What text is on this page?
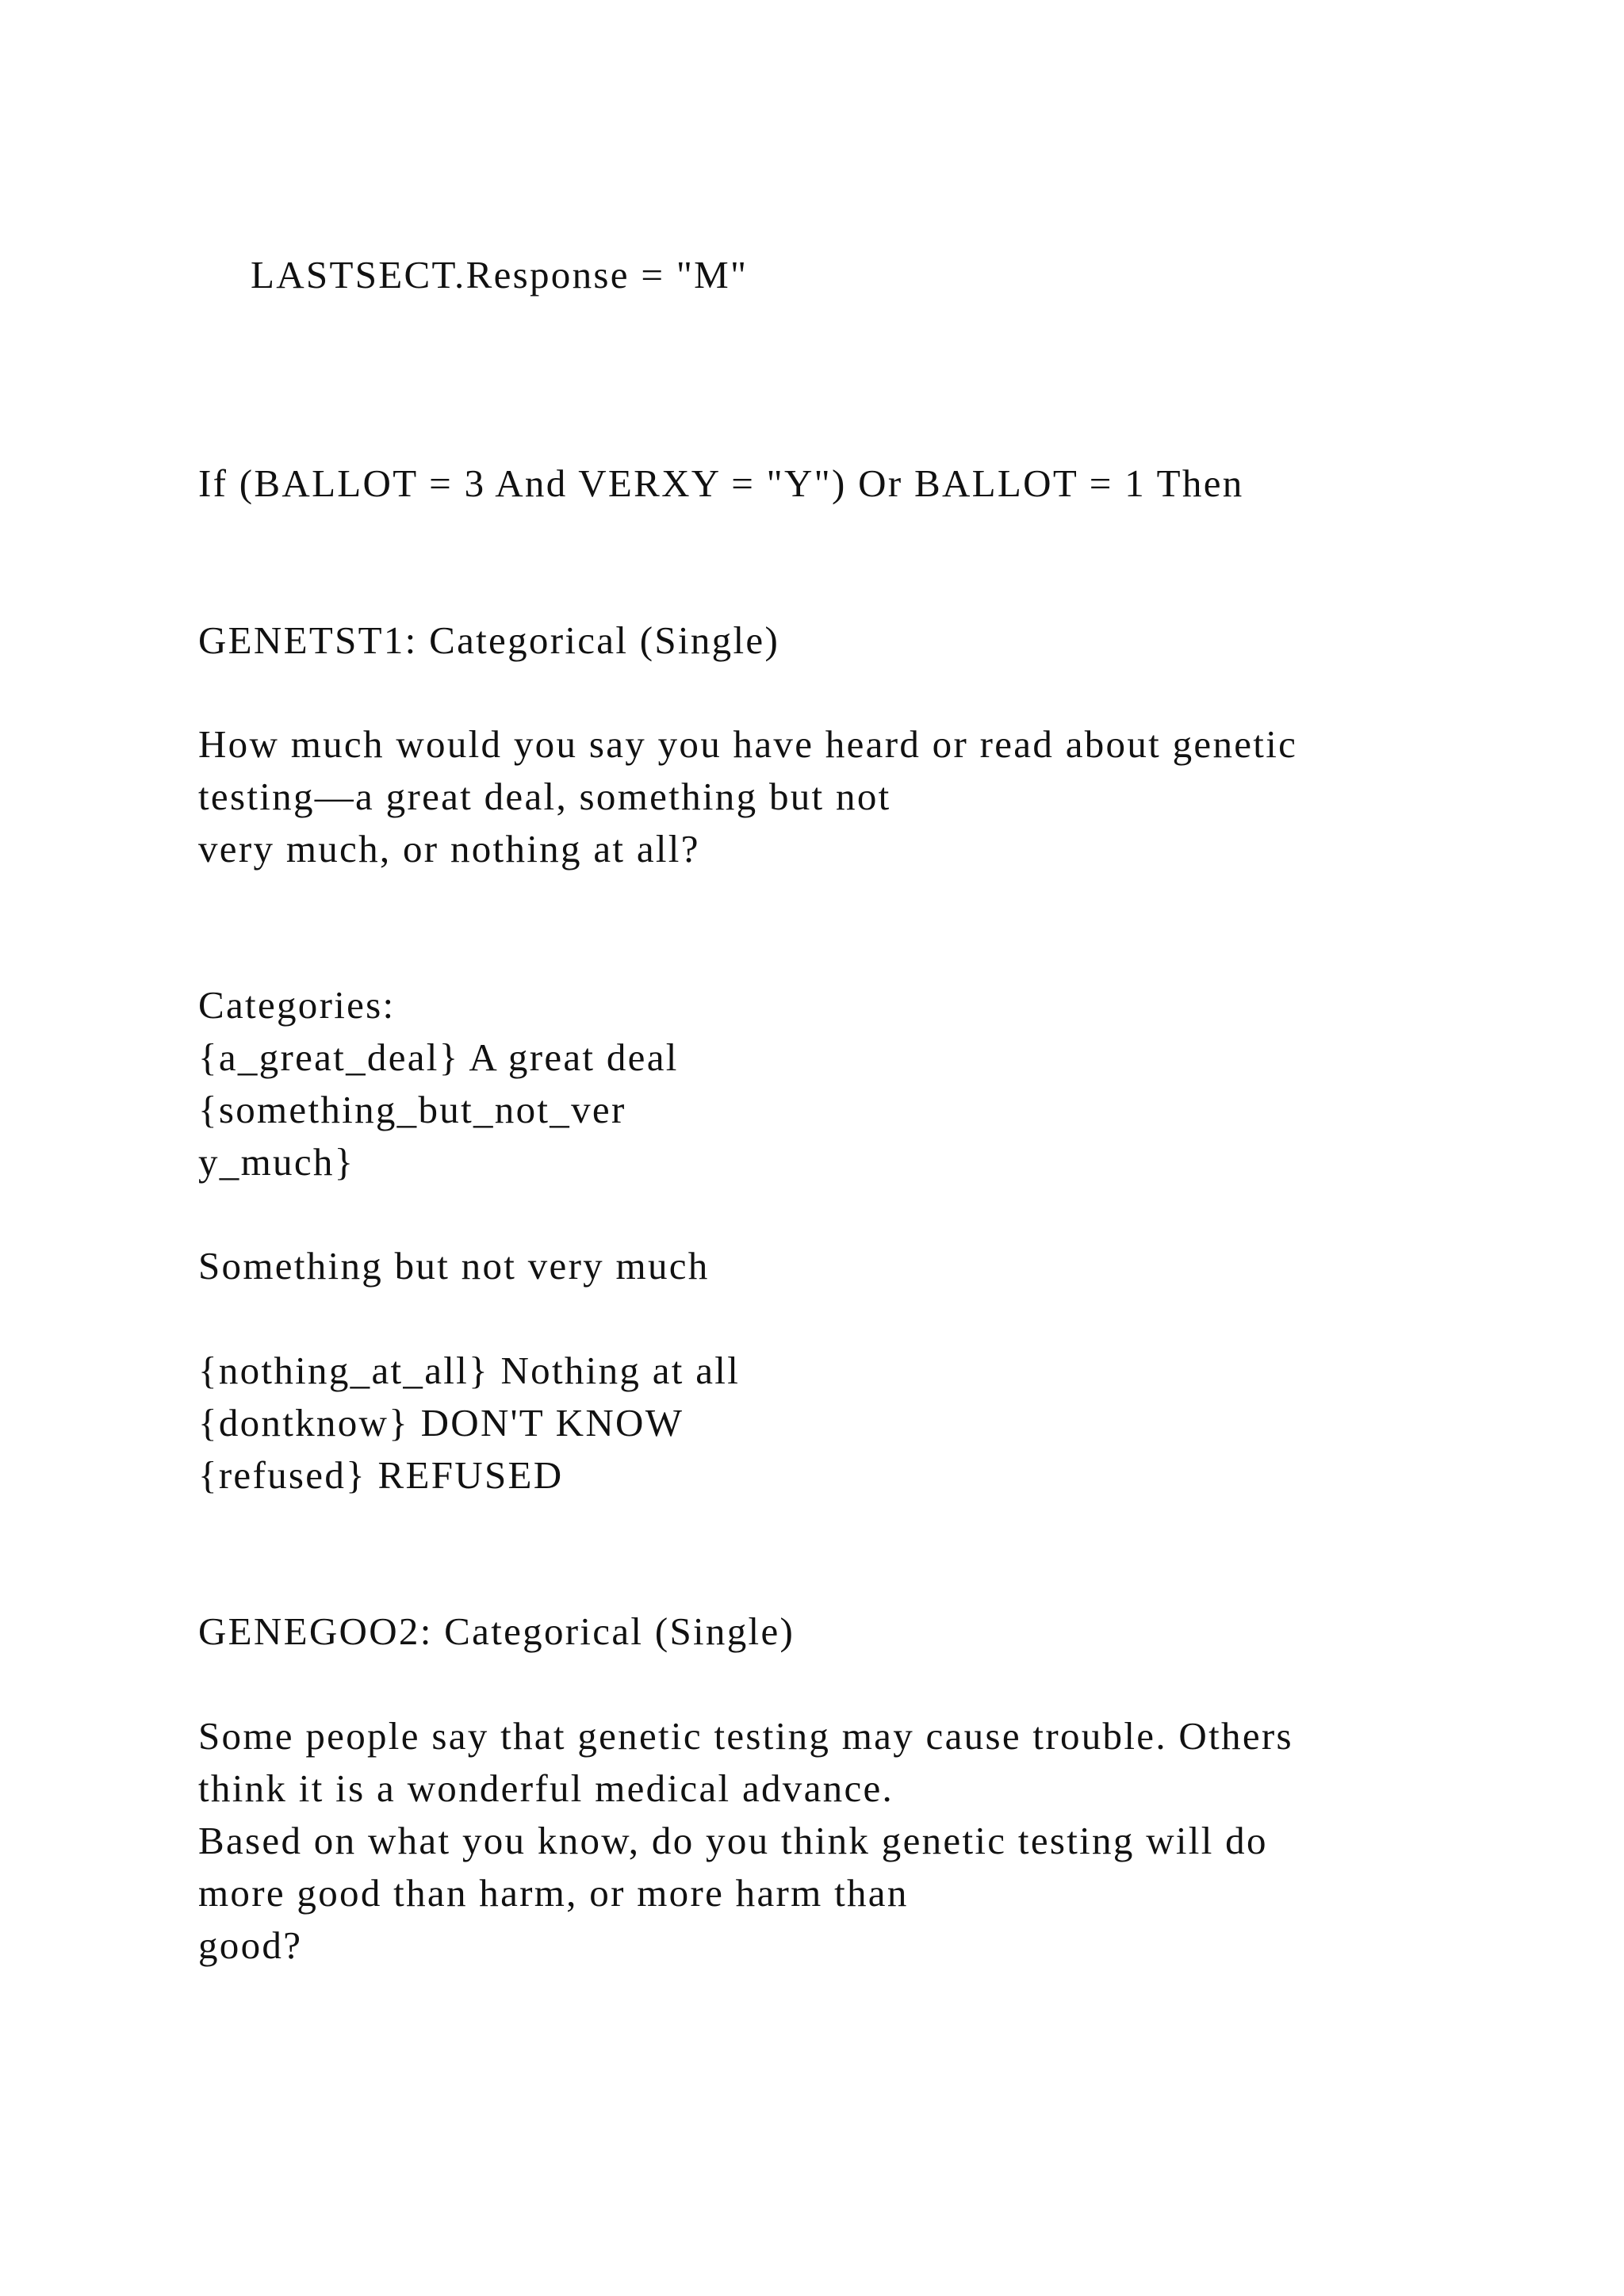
LASTSECT.Response = "M"
If (BALLOT = 3 And VERXY = "Y") Or BALLOT = 1 Then
GENETST1: Categorical (Single)
How much would you say you have heard or read about genetic
testing—a great deal, something but not
very much, or nothing at all?
Categories:
{a_great_deal} A great deal
{something_but_not_ver
y_much}
Something but not very much
{nothing_at_all} Nothing at all
{dontknow} DON'T KNOW
{refused} REFUSED
GENEGOO2: Categorical (Single)
Some people say that genetic testing may cause trouble. Others
think it is a wonderful medical advance.
Based on what you know, do you think genetic testing will do
more good than harm, or more harm than
good?
